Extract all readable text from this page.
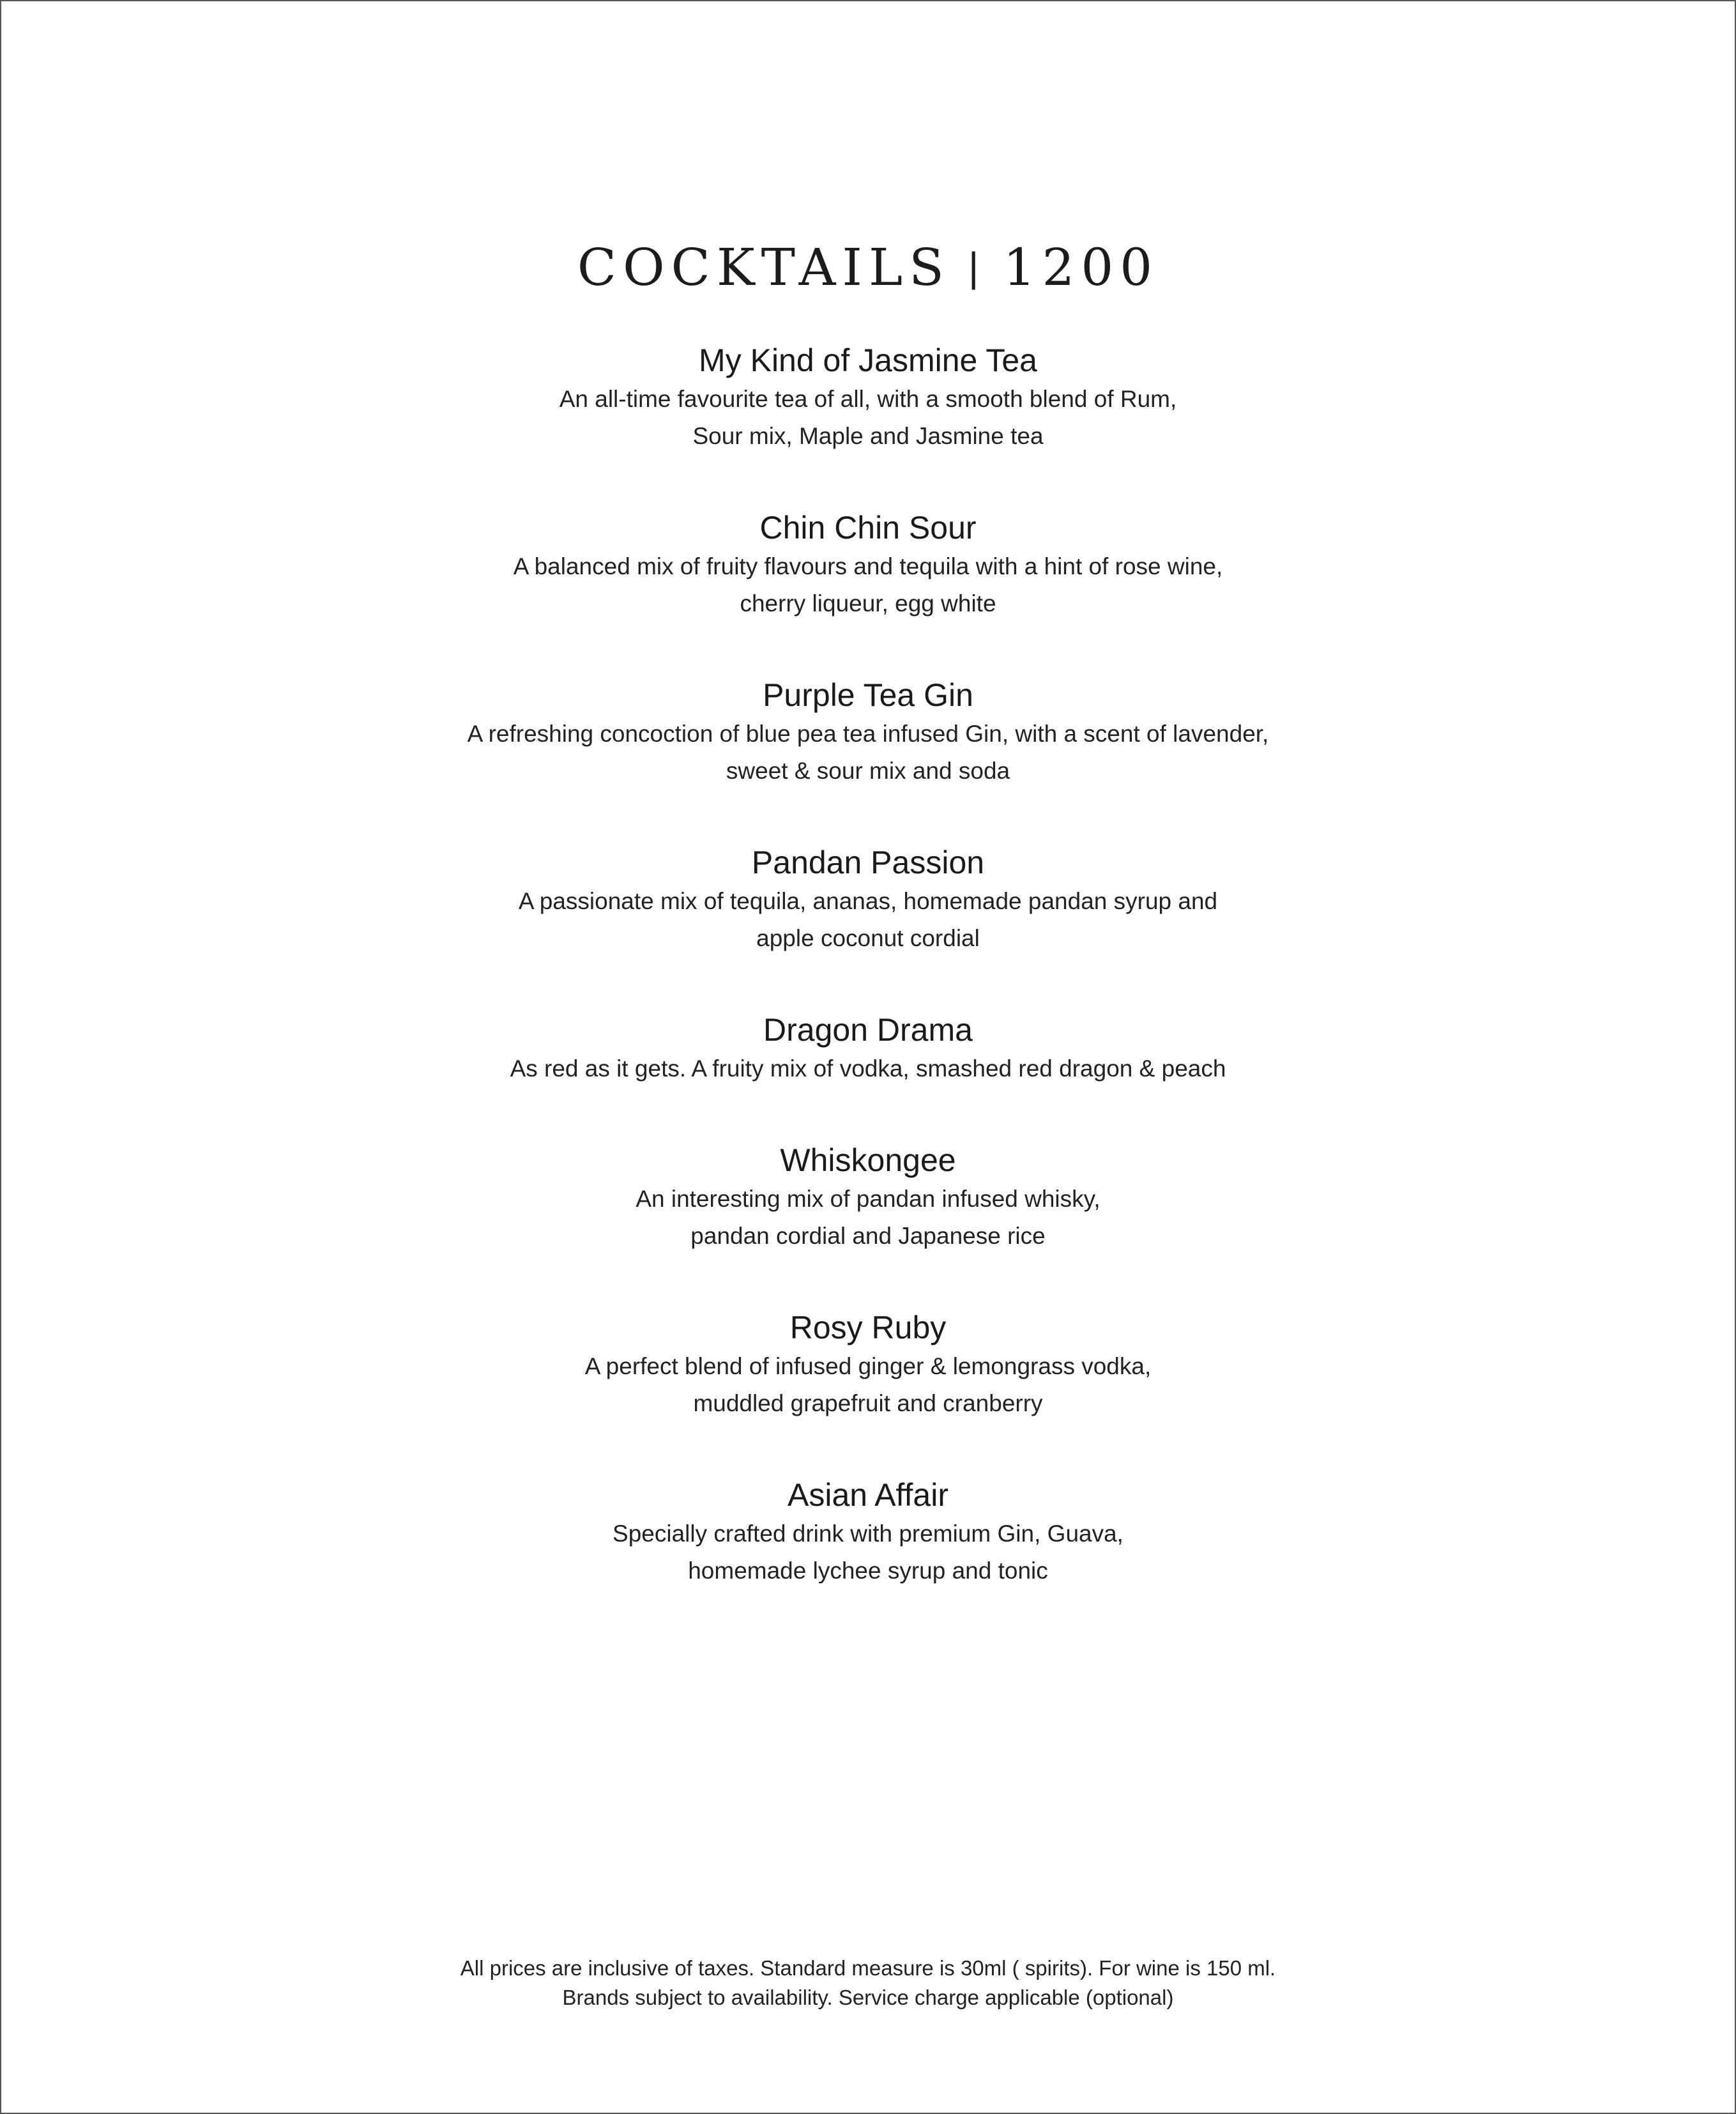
COCKTAILS | 1200
My Kind of Jasmine Tea
An all-time favourite tea of all, with a smooth blend of Rum,
Sour mix, Maple and Jasmine tea
Chin Chin Sour
A balanced mix of fruity flavours and tequila with a hint of rose wine,
cherry liqueur, egg white
Purple Tea Gin
A refreshing concoction of blue pea tea infused Gin, with a scent of lavender,
sweet & sour mix and soda
Pandan Passion
A passionate mix of tequila, ananas, homemade pandan syrup and
apple coconut cordial
Dragon Drama
As red as it gets. A fruity mix of vodka, smashed red dragon & peach
Whiskongee
An interesting mix of pandan infused whisky,
pandan cordial and Japanese rice
Rosy Ruby
A perfect blend of infused ginger & lemongrass vodka,
muddled grapefruit and cranberry
Asian Affair
Specially crafted drink with premium Gin, Guava,
homemade lychee syrup and tonic
All prices are inclusive of taxes. Standard measure is 30ml ( spirits). For wine is 150 ml.
Brands subject to availability. Service charge applicable (optional)
